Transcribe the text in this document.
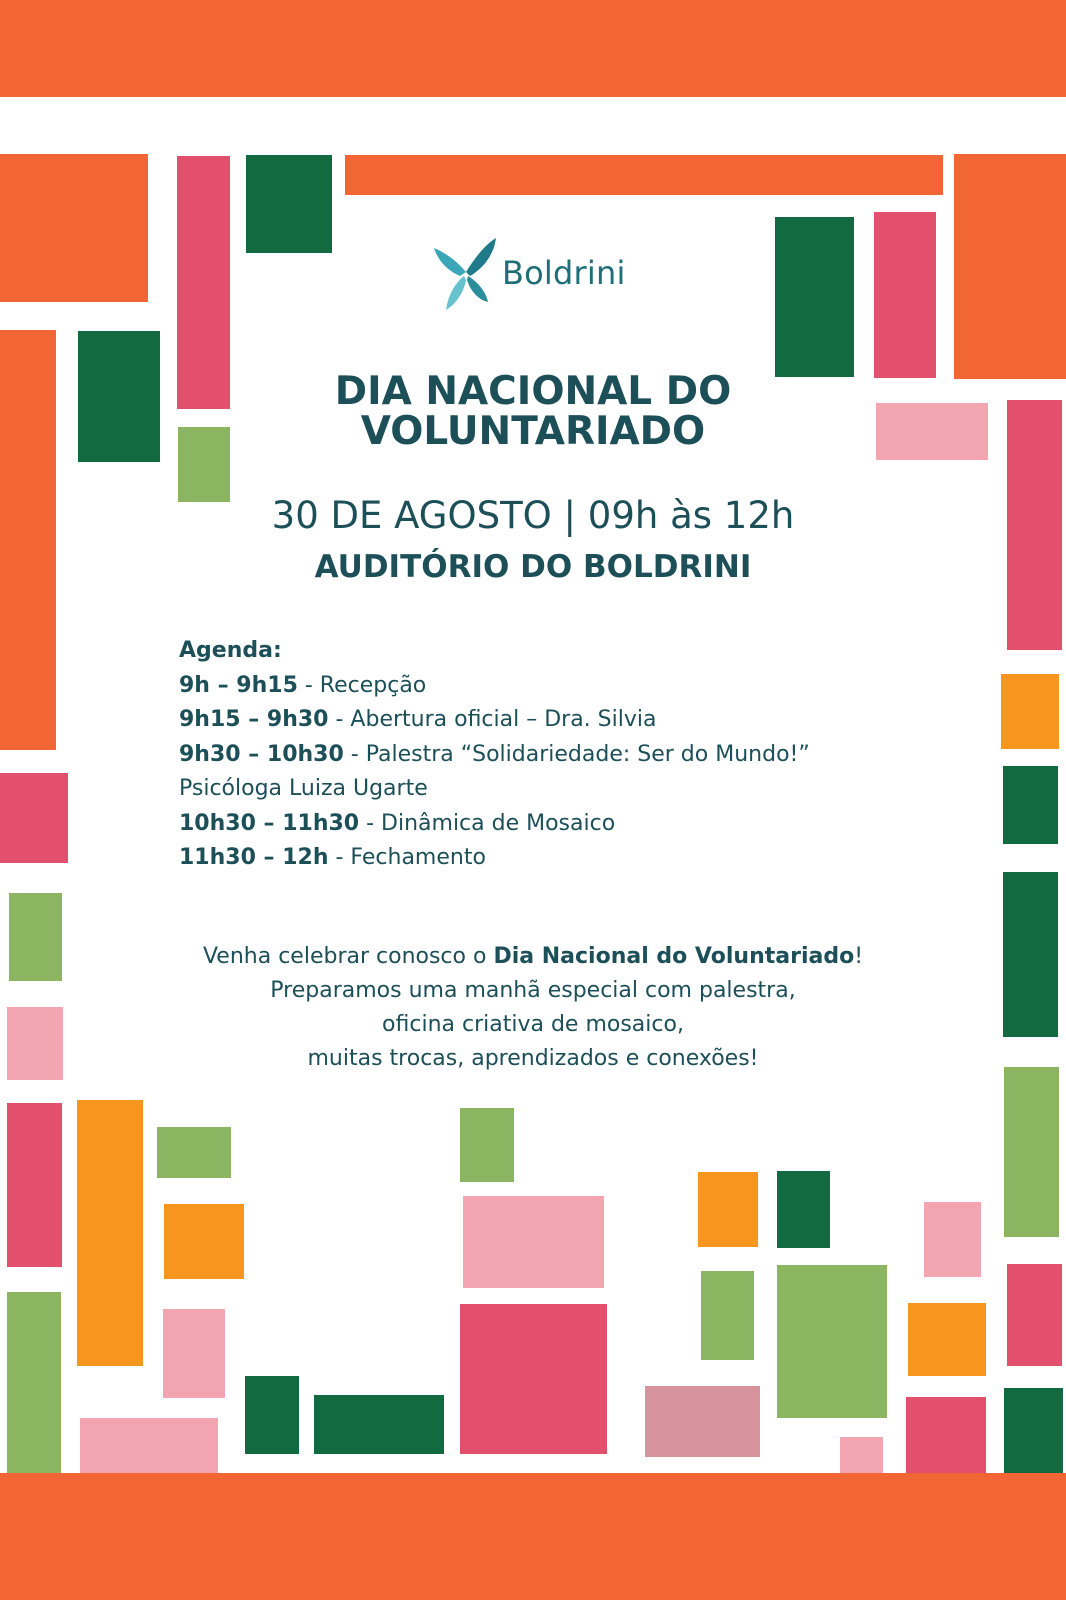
Boldrini
DIA NACIONAL DO
VOLUNTARIADO
30 DE AGOSTO | 09h às 12h
AUDITÓRIO DO BOLDRINI
Agenda:
9h – 9h15 - Recepção
9h15 – 9h30 - Abertura oficial – Dra. Silvia
9h30 – 10h30 - Palestra “Solidariedade: Ser do Mundo!”
Psicóloga Luiza Ugarte
10h30 – 11h30 - Dinâmica de Mosaico
11h30 – 12h - Fechamento
Venha celebrar conosco o Dia Nacional do Voluntariado!
Preparamos uma manhã especial com palestra,
oficina criativa de mosaico,
muitas trocas, aprendizados e conexões!
